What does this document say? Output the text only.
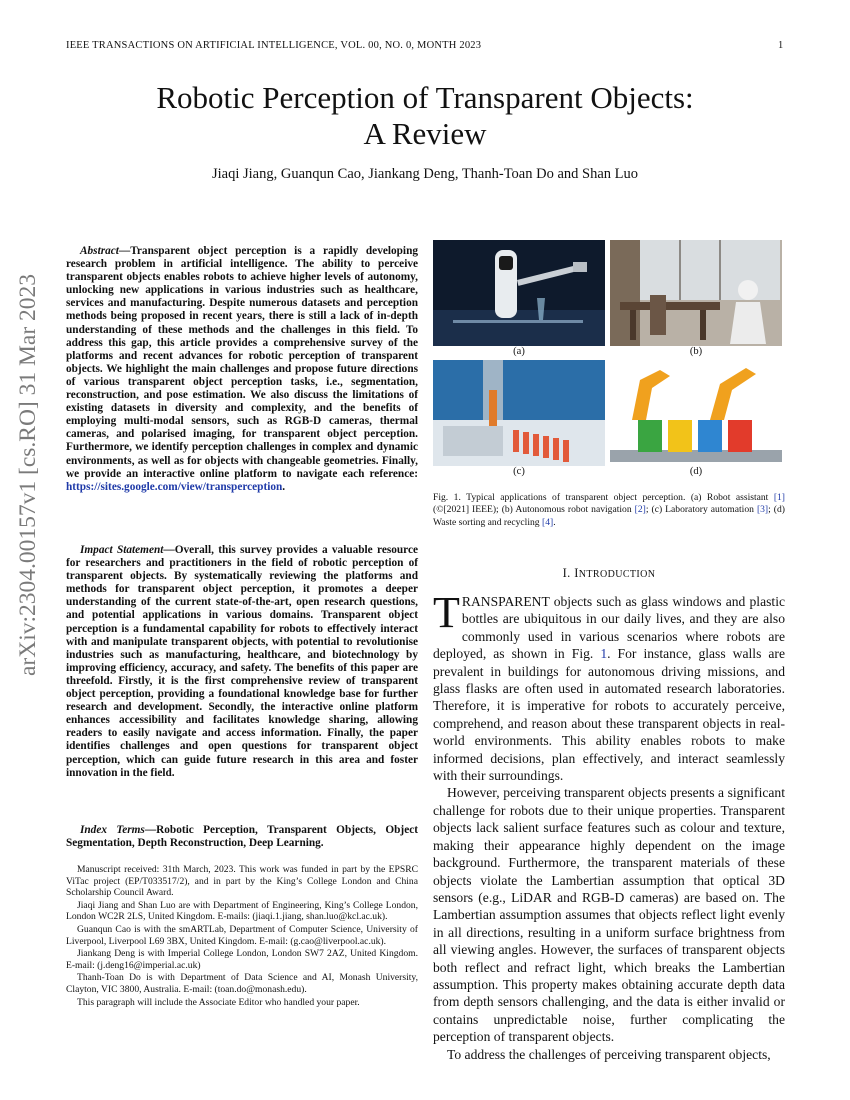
IEEE TRANSACTIONS ON ARTIFICIAL INTELLIGENCE, VOL. 00, NO. 0, MONTH 2023	1
Robotic Perception of Transparent Objects:
A Review
Jiaqi Jiang, Guanqun Cao, Jiankang Deng, Thanh-Toan Do and Shan Luo
arXiv:2304.00157v1 [cs.RO] 31 Mar 2023

Abstract—Transparent object perception is a rapidly developing research problem in artificial intelligence. The ability to perceive transparent objects enables robots to achieve higher levels of autonomy, unlocking new applications in various industries such as healthcare, services and manufacturing. Despite numerous datasets and perception methods being proposed in recent years, there is still a lack of in-depth understanding of these methods and the challenges in this field. To address this gap, this article provides a comprehensive survey of the platforms and recent advances for robotic perception of transparent objects. We highlight the main challenges and propose future directions of various transparent object perception tasks, i.e., segmentation, reconstruction, and pose estimation. We also discuss the limitations of existing datasets in diversity and complexity, and the benefits of employing multi-modal sensors, such as RGB-D cameras, thermal cameras, and polarised imaging, for transparent object perception. Furthermore, we identify perception challenges in complex and dynamic environments, as well as for objects with changeable geometries. Finally, we provide an interactive online platform to navigate each reference: https://sites.google.com/view/transperception.

Impact Statement—Overall, this survey provides a valuable resource for researchers and practitioners in the field of robotic perception of transparent objects. By systematically reviewing the platforms and methods for transparent object perception, it promotes a deeper understanding of the current state-of-the-art, open research questions, and potential applications in various domains. Transparent object perception is a fundamental capability for robots to effectively interact with and manipulate transparent objects, with potential to revolutionise industries such as manufacturing, healthcare, and biotechnology by improving efficiency, accuracy, and safety. The benefits of this paper are threefold. Firstly, it is the first comprehensive review of transparent object perception, providing a foundational knowledge base for further research and development. Secondly, the interactive online platform enhances accessibility and facilitates knowledge sharing, allowing readers to easily navigate and access information. Finally, the paper identifies challenges and open questions for transparent object perception, which can guide future research in this area and foster innovation in the field.

Index Terms—Robotic Perception, Transparent Objects, Object Segmentation, Depth Reconstruction, Deep Learning.

Manuscript received: 31th March, 2023. This work was funded in part by the EPSRC ViTac project (EP/T033517/2), and in part by the King’s College London and China Scholarship Council Award.

Jiaqi Jiang and Shan Luo are with Department of Engineering, King’s College London, London WC2R 2LS, United Kingdom. E-mails: (jiaqi.1.jiang, shan.luo@kcl.ac.uk).

Guanqun Cao is with the smARTLab, Department of Computer Science, University of Liverpool, Liverpool L69 3BX, United Kingdom. E-mail: (g.cao@liverpool.ac.uk).

Jiankang Deng is with Imperial College London, London SW7 2AZ, United Kingdom. E-mail: (j.deng16@imperial.ac.uk)

Thanh-Toan Do is with Department of Data Science and AI, Monash University, Clayton, VIC 3800, Australia. E-mail: (toan.do@monash.edu).

This paragraph will include the Associate Editor who handled your paper.

(a)	(b)
(c)	(d)

Fig. 1. Typical applications of transparent object perception. (a) Robot assistant [1](©[2021] IEEE); (b) Autonomous robot navigation [2]; (c) Laboratory automation [3]; (d) Waste sorting and recycling [4].

I. INTRODUCTION

TRANSPARENT objects such as glass windows and plastic bottles are ubiquitous in our daily lives, and they are also commonly used in various scenarios where robots are deployed, as shown in Fig. 1. For instance, glass walls are prevalent in buildings for autonomous driving missions, and glass flasks are often used in automated research laboratories. Therefore, it is imperative for robots to accurately perceive, comprehend, and reason about these transparent objects in real-world environments. This ability enables robots to make informed decisions, plan effectively, and interact seamlessly with their surroundings.

However, perceiving transparent objects presents a significant challenge for robots due to their unique properties. Transparent objects lack salient surface features such as colour and texture, making their appearance highly dependent on the image background. Furthermore, the transparent materials of these objects violate the Lambertian assumption that optical 3D sensors (e.g., LiDAR and RGB-D cameras) are based on. The Lambertian assumption assumes that objects reflect light evenly in all directions, resulting in a uniform surface brightness from all viewing angles. However, the surfaces of transparent objects both reflect and refract light, which breaks the Lambertian assumption. This property makes obtaining accurate depth data from depth sensors challenging, and the data is either invalid or contains unpredictable noise, further complicating the perception of transparent objects.

To address the challenges of perceiving transparent objects,
